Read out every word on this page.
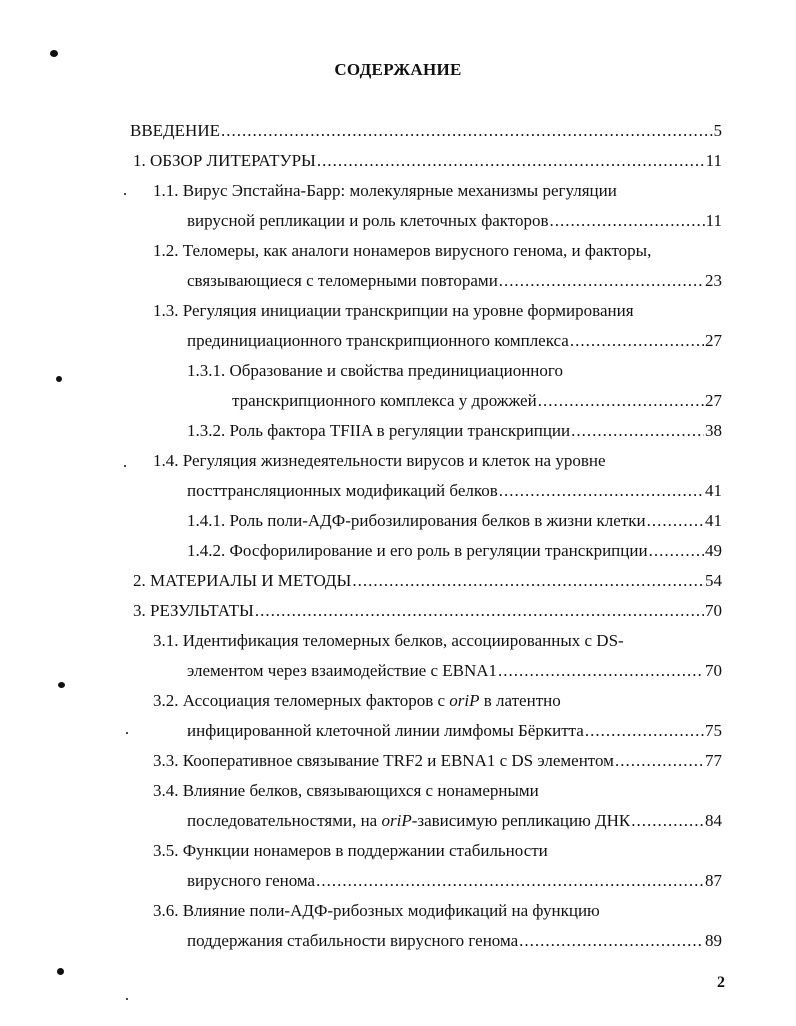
СОДЕРЖАНИЕ
ВВЕДЕНИЕ .....	5
1. ОБЗОР ЛИТЕРАТУРЫ .....	11
1.1. Вирус Эпстайна-Барр: молекулярные механизмы регуляции
вирусной репликации и роль клеточных факторов .....	11
1.2. Теломеры, как аналоги нонамеров вирусного генома, и факторы,
связывающиеся с теломерными повторами .....	23
1.3. Регуляция инициации транскрипции на уровне формирования
прединициационного транскрипционного комплекса .....	27
1.3.1. Образование и свойства прединициационного
транскрипционного комплекса у дрожжей .....	27
1.3.2. Роль фактора TFIIA в регуляции транскрипции .....	38
1.4. Регуляция жизнедеятельности вирусов и клеток на уровне
посттрансляционных модификаций белков .....	41
1.4.1. Роль поли-АДФ-рибозилирования белков в жизни клетки .....	41
1.4.2. Фосфорилирование и его роль в регуляции транскрипции .....	49
2. МАТЕРИАЛЫ И МЕТОДЫ .....	54
3. РЕЗУЛЬТАТЫ .....	70
3.1. Идентификация теломерных белков, ассоциированных с DS-
элементом через взаимодействие с EBNA1 .....	70
3.2. Ассоциация теломерных факторов с oriP в латентно
инфицированной клеточной линии лимфомы Бёркитта .....	75
3.3. Кооперативное связывание TRF2 и EBNA1 с DS элементом .....	77
3.4. Влияние белков, связывающихся с нонамерными
последовательностями, на oriP-зависимую репликацию ДНК .....	84
3.5. Функции нонамеров в поддержании стабильности
вирусного генома .....	87
3.6. Влияние поли-АДФ-рибозных модификаций на функцию
поддержания стабильности вирусного генома .....	89
2
